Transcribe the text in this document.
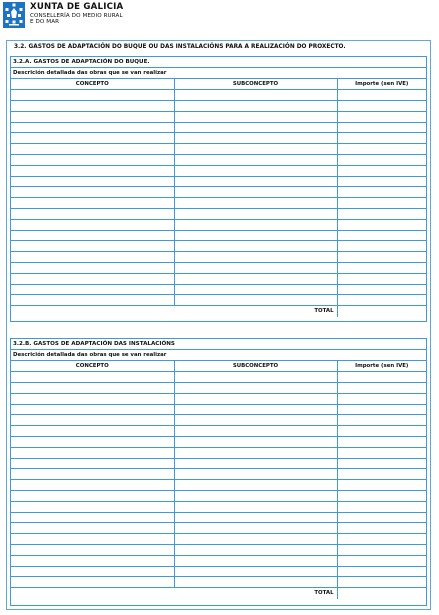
XUNTA DE GALICIA
CONSELLERÍA DO MEDIO RURAL
E DO MAR
3.2. GASTOS DE ADAPTACIÓN DO BUQUE OU DAS INSTALACIÓNS PARA A REALIZACIÓN DO PROXECTO.
3.2.A. GASTOS DE ADAPTACIÓN DO BUQUE.
Descrición detallada das obras que se van realizar
CONCEPTO	SUBCONCEPTO	Importe (sen IVE)

	TOTAL	
3.2.B. GASTOS DE ADAPTACIÓN DAS INSTALACIÓNS
Descrición detallada das obras que se van realizar
CONCEPTO	SUBCONCEPTO	Importe (sen IVE)

	TOTAL	
